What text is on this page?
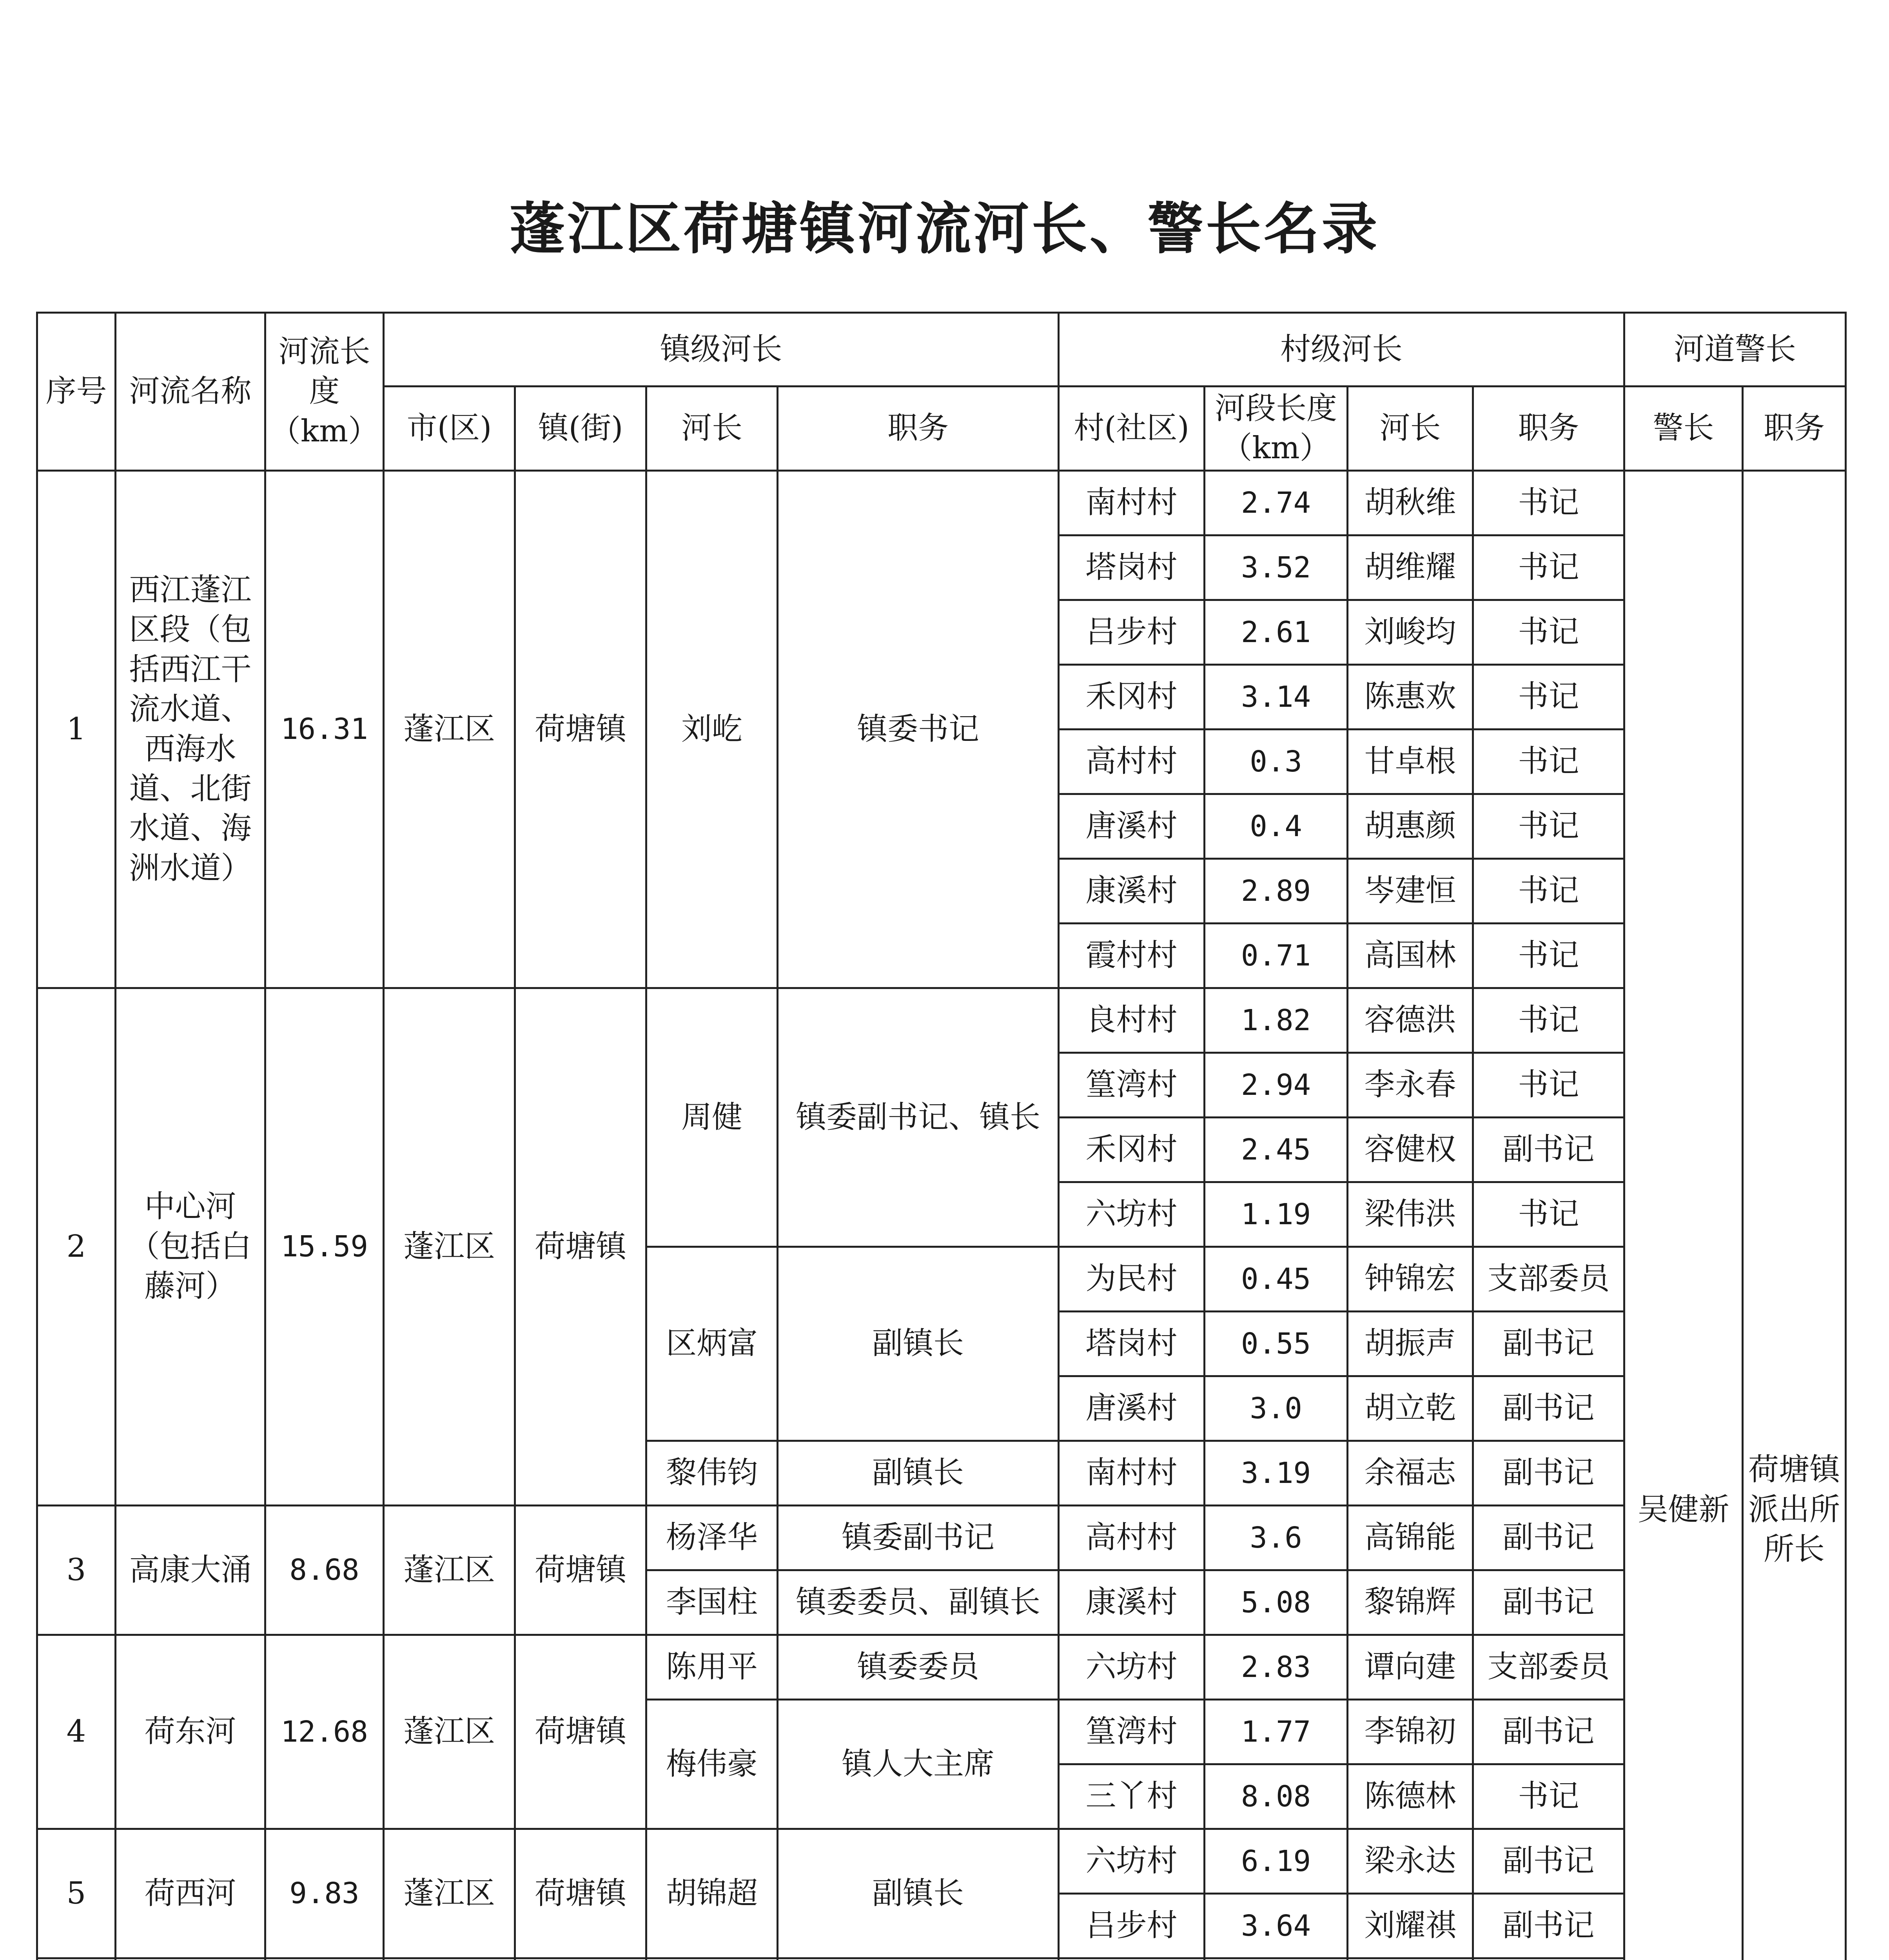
蓬江区荷塘镇河流河长、警长名录
序号	河流名称	河流长度（km）	镇级河长				村级河长				河道警长	
			市(区)	镇(街)	河长	职务	村(社区)	河段长度（km）	河长	职务	警长	职务
1	西江蓬江区段（包括西江干流水道、西海水道、北街水道、海洲水道）	16.31	蓬江区	荷塘镇	刘屹	镇委书记	南村村	2.74	胡秋维	书记	吴健新	荷塘镇派出所所长
							塔岗村	3.52	胡维耀	书记		
							吕步村	2.61	刘峻均	书记		
							禾冈村	3.14	陈惠欢	书记		
							高村村	0.3	甘卓根	书记		
							唐溪村	0.4	胡惠颜	书记		
							康溪村	2.89	岑建恒	书记		
							霞村村	0.71	高国林	书记		
2	中心河（包括白藤河）	15.59	蓬江区	荷塘镇	周健	镇委副书记、镇长	良村村	1.82	容德洪	书记		
							篁湾村	2.94	李永春	书记		
							禾冈村	2.45	容健权	副书记		
							六坊村	1.19	梁伟洪	书记		
					区炳富	副镇长	为民村	0.45	钟锦宏	支部委员		
							塔岗村	0.55	胡振声	副书记		
							唐溪村	3.0	胡立乾	副书记		
					黎伟钧	副镇长	南村村	3.19	余福志	副书记		
3	高康大涌	8.68	蓬江区	荷塘镇	杨泽华	镇委副书记	高村村	3.6	高锦能	副书记		
					李国柱	镇委委员、副镇长	康溪村	5.08	黎锦辉	副书记		
4	荷东河	12.68	蓬江区	荷塘镇	陈用平	镇委委员	六坊村	2.83	谭向建	支部委员		
					梅伟豪	镇人大主席	篁湾村	1.77	李锦初	副书记		
							三丫村	8.08	陈德林	书记		
5	荷西河	9.83	蓬江区	荷塘镇	胡锦超	副镇长	六坊村	6.19	梁永达	副书记		
							吕步村	3.64	刘耀祺	副书记		
